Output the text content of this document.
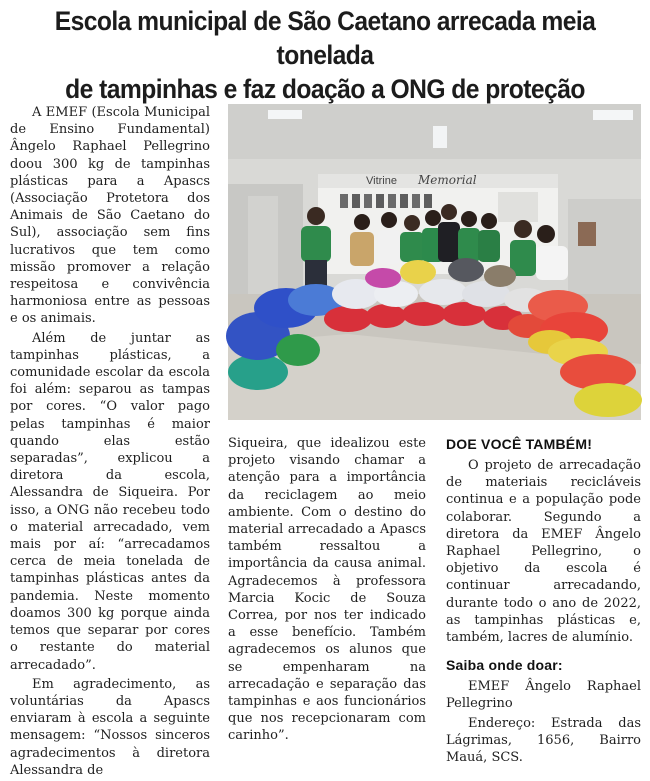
Escola municipal de São Caetano arrecada meia tonelada
de tampinhas e faz doação a ONG de proteção

A EMEF (Escola Municipal de Ensino Fundamental) Ângelo Raphael Pellegrino doou 300 kg de tampinhas plásticas para a Apascs (Associação Protetora dos Animais de São Caetano do Sul), associação sem fins lucrativos que tem como missão promover a relação respeitosa e convivência harmoniosa entre as pessoas e os animais.

Além de juntar as tampinhas plásticas, a comunidade escolar da escola foi além: separou as tampas por cores. “O valor pago pelas tampinhas é maior quando elas estão separadas”, explicou a diretora da escola, Alessandra de Siqueira. Por isso, a ONG não recebeu todo o material arrecadado, vem mais por aí: “arrecadamos cerca de meia tonelada de tampinhas plásticas antes da pandemia. Neste momento doamos 300 kg porque ainda temos que separar por cores o restante do material arrecadado”.

Em agradecimento, as voluntárias da Apascs enviaram à escola a seguinte mensagem: “Nossos sinceros agradecimentos à diretora Alessandra de

Vitrine Memorial

Siqueira, que idealizou este projeto visando chamar a atenção para a importância da reciclagem ao meio ambiente. Com o destino do material arrecadado a Apascs também ressaltou a importância da causa animal. Agradecemos à professora Marcia Kocic de Souza Correa, por nos ter indicado a esse benefício. Também agradecemos os alunos que se empenharam na arrecadação e separação das tampinhas e aos funcionários que nos recepcionaram com carinho”.

DOE VOCÊ TAMBÉM!

O projeto de arrecadação de materiais recicláveis continua e a população pode colaborar. Segundo a diretora da EMEF Ângelo Raphael Pellegrino, o objetivo da escola é continuar arrecadando, durante todo o ano de 2022, as tampinhas plásticas e, também, lacres de alumínio.

Saiba onde doar:

EMEF Ângelo Raphael Pellegrino

Endereço: Estrada das Lágrimas, 1656, Bairro Mauá, SCS.
